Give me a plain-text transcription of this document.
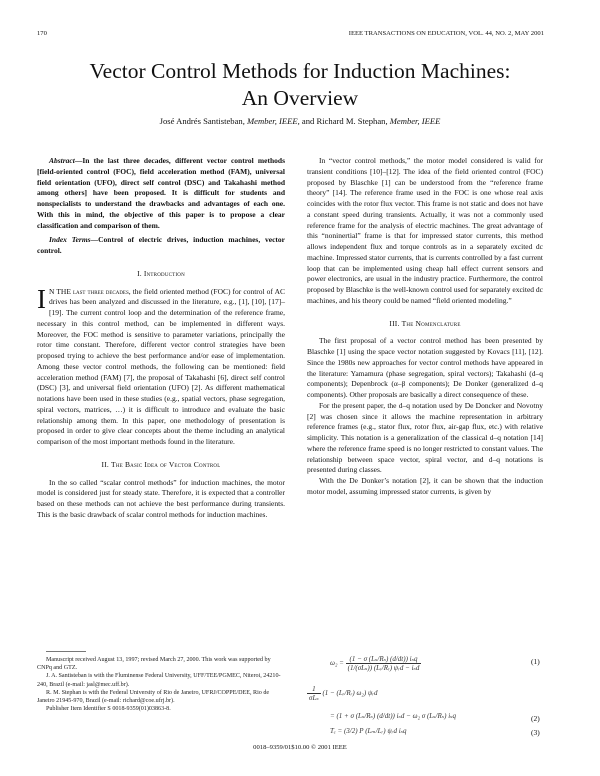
170	IEEE TRANSACTIONS ON EDUCATION, VOL. 44, NO. 2, MAY 2001
Vector Control Methods for Induction Machines:
An Overview
José Andrés Santisteban, Member, IEEE, and Richard M. Stephan, Member, IEEE

Abstract—In the last three decades, different vector control methods [field-oriented control (FOC), field acceleration method (FAM), universal field orientation (UFO), direct self control (DSC) and Takahashi method among others] have been proposed. It is difficult for students and nonspecialists to understand the drawbacks and advantages of each one. With this in mind, the objective of this paper is to propose a clear classification and comparison of them.

Index Terms—Control of electric drives, induction machines, vector control.

I. Introduction

I N THE last three decades, the field oriented method (FOC) for control of AC drives has been analyzed and discussed in the literature, e.g., [1], [10], [17]–[19]. The current control loop and the determination of the reference frame, necessary in this control method, can be implemented in different ways. Moreover, the FOC method is sensitive to parameter variations, principally the rotor time constant. Therefore, different vector control strategies have been proposed trying to achieve the best performance and/or ease of implementation. Among these vector control methods, the following can be mentioned: field acceleration method (FAM) [7], the proposal of Takahashi [6], direct self control (DSC) [3], and universal field orientation (UFO) [2]. As different mathematical notations have been used in these studies (e.g., spatial vectors, phase segregation, spiral vectors, matrices, …) it is difficult to introduce and evaluate the basic relationship among them. In this paper, one methodology of presentation is proposed in order to give clear concepts about the theme including an analytical comparison of the most important methods found in the literature.

II. The Basic Idea of Vector Control

In the so called “scalar control methods” for induction machines, the motor model is considered just for steady state. Therefore, it is expected that a controller based on these methods can not achieve the best performance during transients. This is the basic drawback of scalar control methods for induction machines.

Manuscript received August 13, 1997; revised March 27, 2000. This work was supported by CNPq and GTZ.

J. A. Santisteban is with the Fluminense Federal University, UFF/TEE/PGMEC, Niteroi, 24210-240, Brazil (e-mail: jasl@mec.uff.br).

R. M. Stephan is with the Federal University of Rio de Janeiro, UFRJ/COPPE/DEE, Rio de Janeiro 21945-970, Brazil (e-mail: richard@coe.ufrj.br).

Publisher Item Identifier S 0018-9359(01)03863-8.

In “vector control methods,” the motor model considered is valid for transient conditions [10]–[12]. The idea of the field oriented control (FOC) proposed by Blaschke [1] can be understood from the “reference frame theory” [14]. The reference frame used in the FOC is one whose real axis coincides with the rotor flux vector. This frame is not static and does not have a constant speed during transients. Actually, it was not a commonly used reference frame for the analysis of electric machines. The great advantage of this “noninertial” frame is that for impressed stator currents, this method allows independent flux and torque controls as in a separately excited dc machine. Impressed stator currents, that is currents controlled by a fast current loop that can be implemented using cheap hall effect current sensors and power electronics, are usual in the industry practice. Furthermore, the control proposed by Blaschke is the well-known control used for separately excited dc machines, and his theory could be named “field oriented modeling.”

III. The Nomenclature

The first proposal of a vector control method has been presented by Blaschke [1] using the space vector notation suggested by Kovacs [11], [12]. Since the 1980s new approaches for vector control methods have appeared in the literature: Yamamura (phase segregation, spiral vectors); Takahashi (d–q components); Depenbrock (α–β components); De Donker (generalized d–q components). Other proposals are basically a direct consequence of these.

For the present paper, the d–q notation used by De Doncker and Novotny [2] was chosen since it allows the machine representation in arbitrary reference frames (e.g., stator flux, rotor flux, air-gap flux, etc.) with relative simplicity. This notation is a generalization of the classical d–q notation [14] where the reference frame speed is no longer restricted to constant values. The relationship between space vector, spiral vector, and d–q notations is presented during classes.

With the De Donker’s notation [2], it can be shown that the induction motor model, assuming impressed stator currents, is given by

$\omega_2 = \frac{\text{(1 − σ (Lₛ/Rₛ) (d/dt)) iₛq}}{\text{(1/(σLₛ)) (Lᵣ/Rᵣ) ψᵣd − iₛd}}$	(1)
$\frac{1}{\text{σLₛ}} (1$ − (Lᵣ/Rᵣ) ω₂) ψᵣd
= (1 + σ (Lₛ/Rₛ) (d/dt)) iₛd − ω₂ σ (Lₛ/Rₛ) iₛq	(2)
Tₑ = (3/2) P (Lₘ/Lᵣ) ψᵣd iₛq	(3)
0018–9359/01$10.00 © 2001 IEEE
